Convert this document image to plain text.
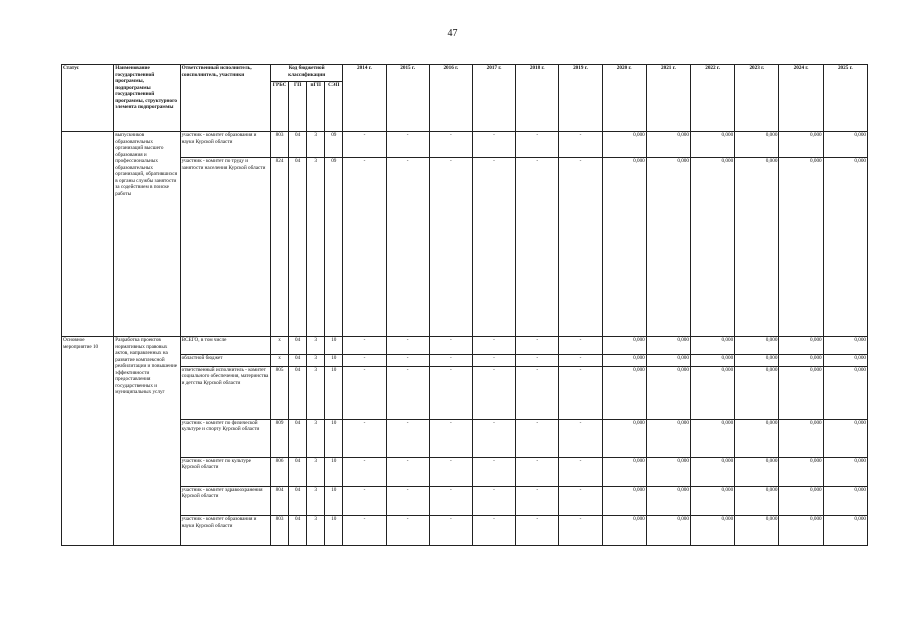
47
Статус	Наименование государственной программы, подпрограммы государственной программы, структурного элемента подпрограммы	Ответственный исполнитель, соисполнитель, участники	Код бюджетной классификации				2014 г.	2015 г.	2016 г.	2017 г.	2018 г.	2019 г.	2020 г.	2021 г.	2022 г.	2023 г.	2024 г.	2025 г.
			ГРБС	ГП	пГП	СЭП												
	выпускников образовательных организаций высшего образования и профессиональных образовательных организаций, обратившихся в органы службы занятости за содействием в поиске работы	участник - комитет образования и науки Курской области	803	04	3	09	-	-	-	-	-	-	0,000	0,000	0,000	0,000	0,000	0,000
		участник - комитет по труду и занятости населения Курской области	824	04	3	09	-	-	-	-	-	-	0,000	0,000	0,000	0,000	0,000	0,000
Основное мероприятие 10	Разработка проектов нормативных правовых актов, направленных на развитие комплексной реабилитации и повышение эффективности предоставления государственных и муниципальных услуг	ВСЕГО, в том числе	х	04	3	10	-	-	-	-	-	-	0,000	0,000	0,000	0,000	0,000	0,000
		областной бюджет	х	04	3	10	-	-	-	-	-	-	0,000	0,000	0,000	0,000	0,000	0,000
		ответственный исполнитель - комитет социального обеспечения, материнства и детства Курской области	805	04	3	10	-	-	-	-	-	-	0,000	0,000	0,000	0,000	0,000	0,000
		участник - комитет по физической культуре и спорту Курской области	809	04	3	10	-	-	-	-	-	-	0,000	0,000	0,000	0,000	0,000	0,000
		участник - комитет по культуре Курской области	806	04	3	10	-	-	-	-	-	-	0,000	0,000	0,000	0,000	0,000	0,000
		участник - комитет здравоохранения Курской области	804	04	3	10	-	-	-	-	-	-	0,000	0,000	0,000	0,000	0,000	0,000
		участник - комитет образования и науки Курской области	803	04	3	10	-	-	-	-	-	-	0,000	0,000	0,000	0,000	0,000	0,000
